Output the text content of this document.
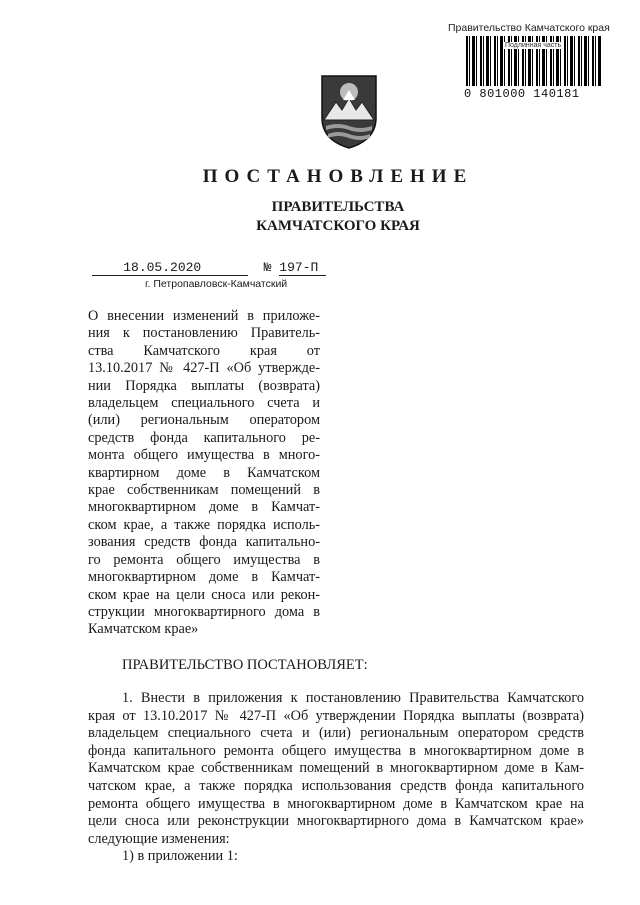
Правительство Камчатского края
Подлинная часть
0 801000 140181
ПОСТАНОВЛЕНИЕ
ПРАВИТЕЛЬСТВА
КАМЧАТСКОГО КРАЯ
18.05.2020	№ 197-П
г. Петропавловск-Камчатский
О внесении изменений в приложе-
ния к постановлению Правитель-
ства Камчатского края от
13.10.2017 № 427-П «Об утвержде-
нии Порядка выплаты (возврата)
владельцем специального счета и
(или) региональным оператором
средств фонда капитального ре-
монта общего имущества в много-
квартирном доме в Камчатском
крае собственникам помещений в
многоквартирном доме в Камчат-
ском крае, а также порядка исполь-
зования средств фонда капитально-
го ремонта общего имущества в
многоквартирном доме в Камчат-
ском крае на цели сноса или рекон-
струкции многоквартирного дома в
Камчатском крае»
ПРАВИТЕЛЬСТВО ПОСТАНОВЛЯЕТ:
1. Внести в приложения к постановлению Правительства Камчатского
края от 13.10.2017 № 427-П «Об утверждении Порядка выплаты (возврата)
владельцем специального счета и (или) региональным оператором средств
фонда капитального ремонта общего имущества в многоквартирном доме в
Камчатском крае собственникам помещений в многоквартирном доме в Кам-
чатском крае, а также порядка использования средств фонда капитального
ремонта общего имущества в многоквартирном доме в Камчатском крае на
цели сноса или реконструкции многоквартирного дома в Камчатском крае»
следующие изменения:
1) в приложении 1:
